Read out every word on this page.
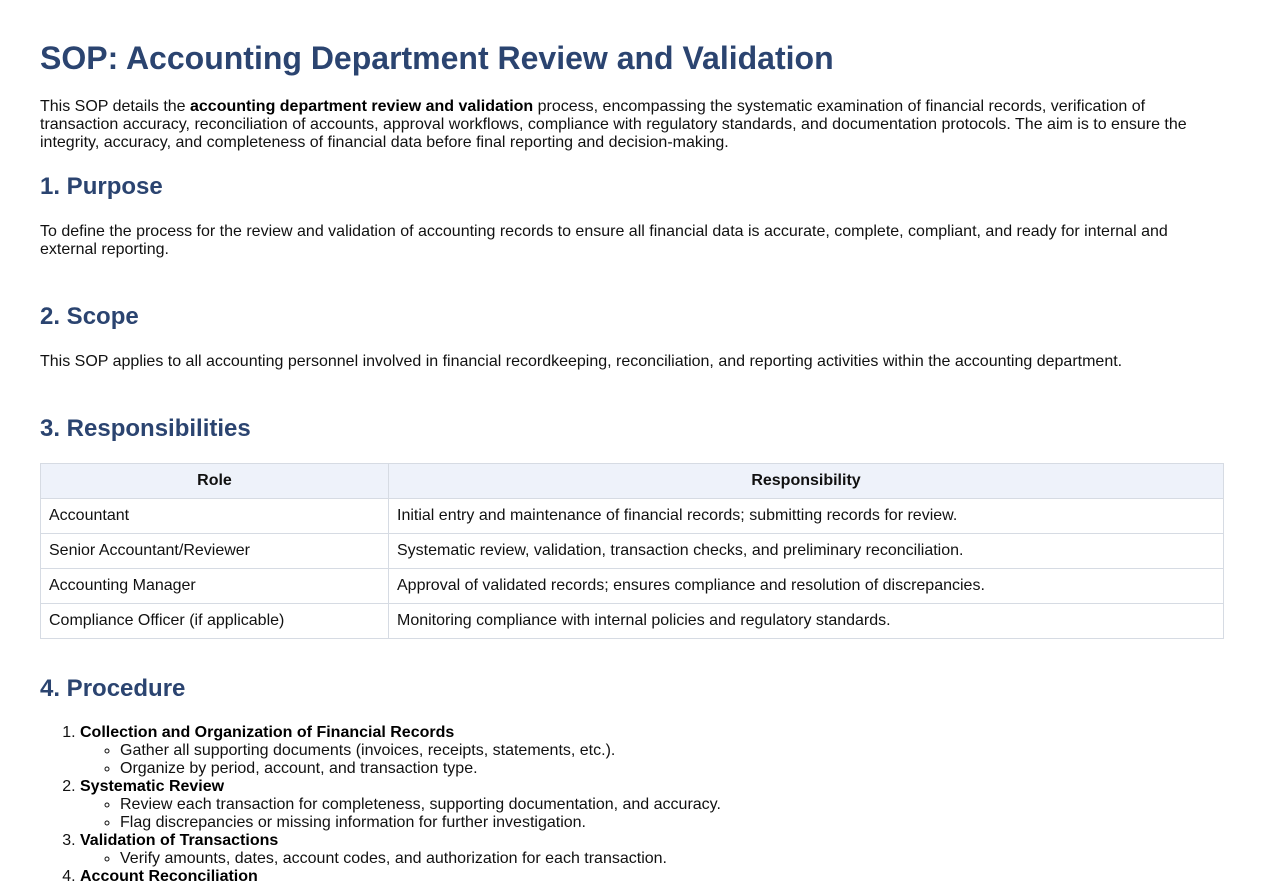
SOP: Accounting Department Review and Validation

This SOP details the accounting department review and validation process, encompassing the systematic examination of financial records, verification of transaction accuracy, reconciliation of accounts, approval workflows, compliance with regulatory standards, and documentation protocols. The aim is to ensure the integrity, accuracy, and completeness of financial data before final reporting and decision-making.

1. Purpose

To define the process for the review and validation of accounting records to ensure all financial data is accurate, complete, compliant, and ready for internal and external reporting.

2. Scope

This SOP applies to all accounting personnel involved in financial recordkeeping, reconciliation, and reporting activities within the accounting department.

3. Responsibilities
Role	Responsibility
Accountant	Initial entry and maintenance of financial records; submitting records for review.
Senior Accountant/Reviewer	Systematic review, validation, transaction checks, and preliminary reconciliation.
Accounting Manager	Approval of validated records; ensures compliance and resolution of discrepancies.
Compliance Officer (if applicable)	Monitoring compliance with internal policies and regulatory standards.
4. Procedure
1. Collection and Organization of Financial Records
◦ Gather all supporting documents (invoices, receipts, statements, etc.).
◦ Organize by period, account, and transaction type.
2. Systematic Review
◦ Review each transaction for completeness, supporting documentation, and accuracy.
◦ Flag discrepancies or missing information for further investigation.
3. Validation of Transactions
◦ Verify amounts, dates, account codes, and authorization for each transaction.
4. Account Reconciliation
